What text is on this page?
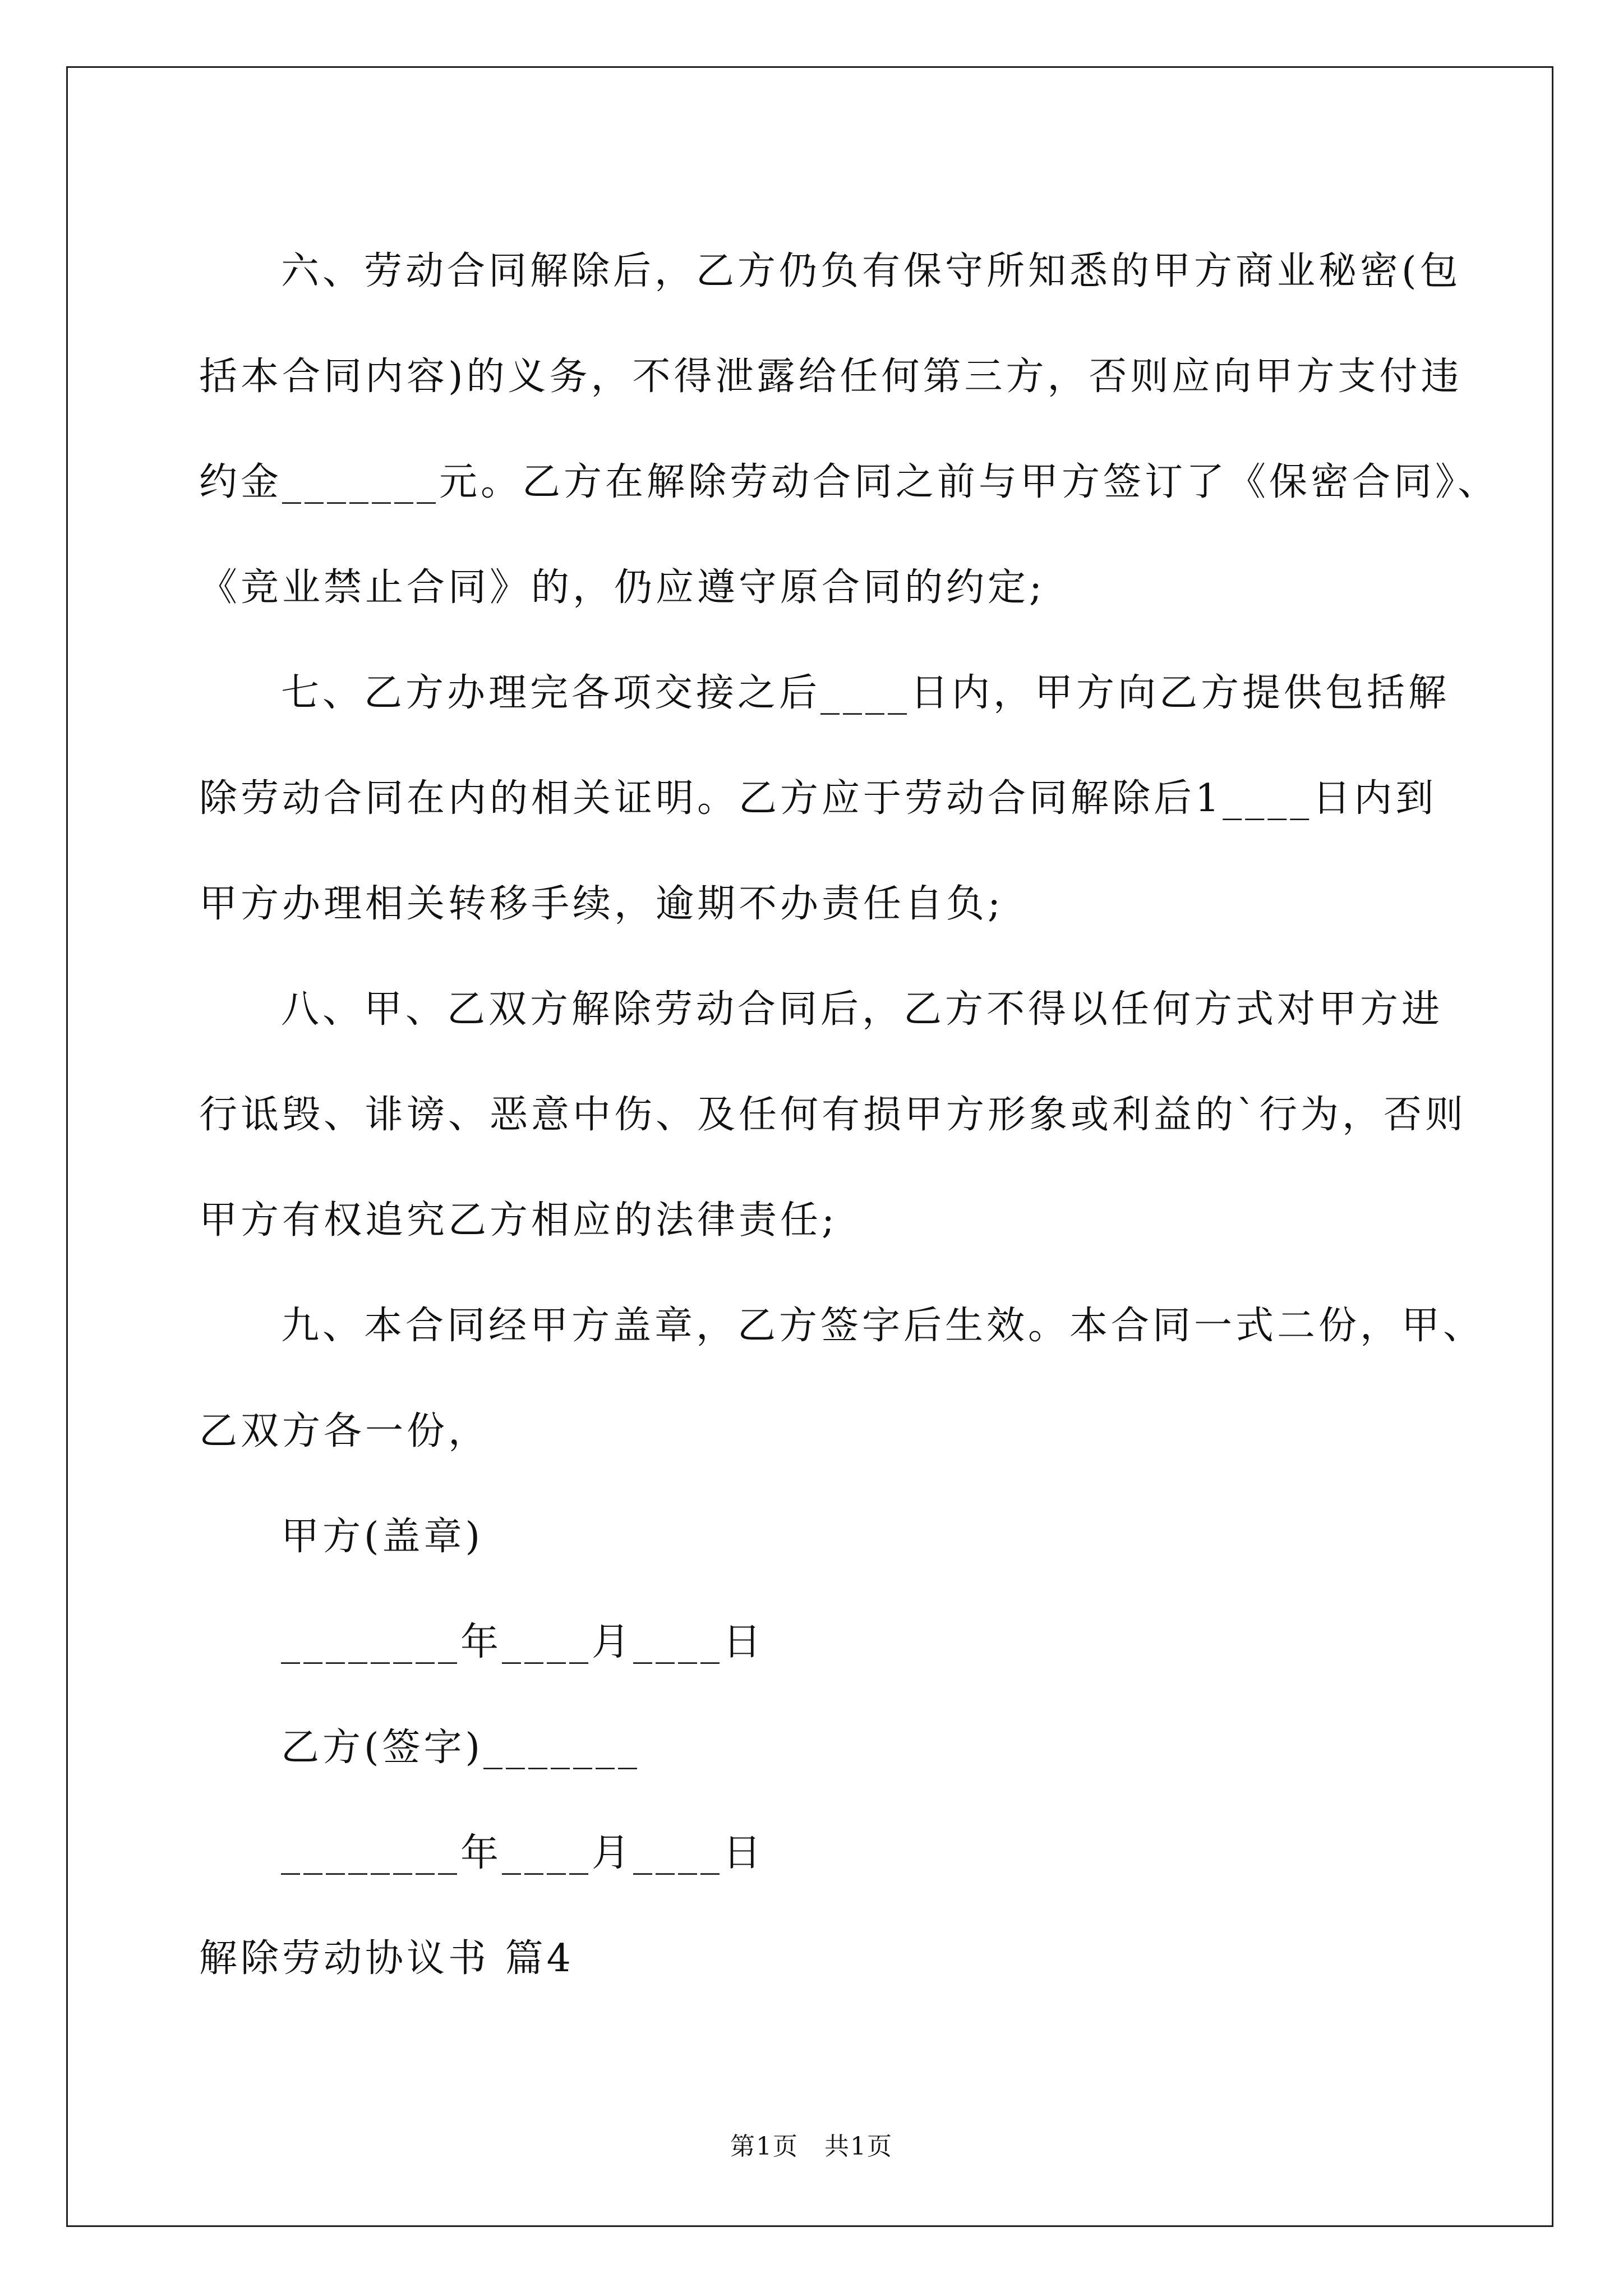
六、劳动合同解除后，乙方仍负有保守所知悉的甲方商业秘密(包
括本合同内容)的义务，不得泄露给任何第三方，否则应向甲方支付违
约金_______元。乙方在解除劳动合同之前与甲方签订了《保密合同》、
《竞业禁止合同》的，仍应遵守原合同的约定;
七、乙方办理完各项交接之后____日内，甲方向乙方提供包括解
除劳动合同在内的相关证明。乙方应于劳动合同解除后1____日内到
甲方办理相关转移手续，逾期不办责任自负;
八、甲、乙双方解除劳动合同后，乙方不得以任何方式对甲方进
行诋毁、诽谤、恶意中伤、及任何有损甲方形象或利益的`行为，否则
甲方有权追究乙方相应的法律责任;
九、本合同经甲方盖章，乙方签字后生效。本合同一式二份，甲、
乙双方各一份，
甲方(盖章)
________年____月____日
乙方(签字)_______
________年____月____日
解除劳动协议书 篇4
第1页　共1页
